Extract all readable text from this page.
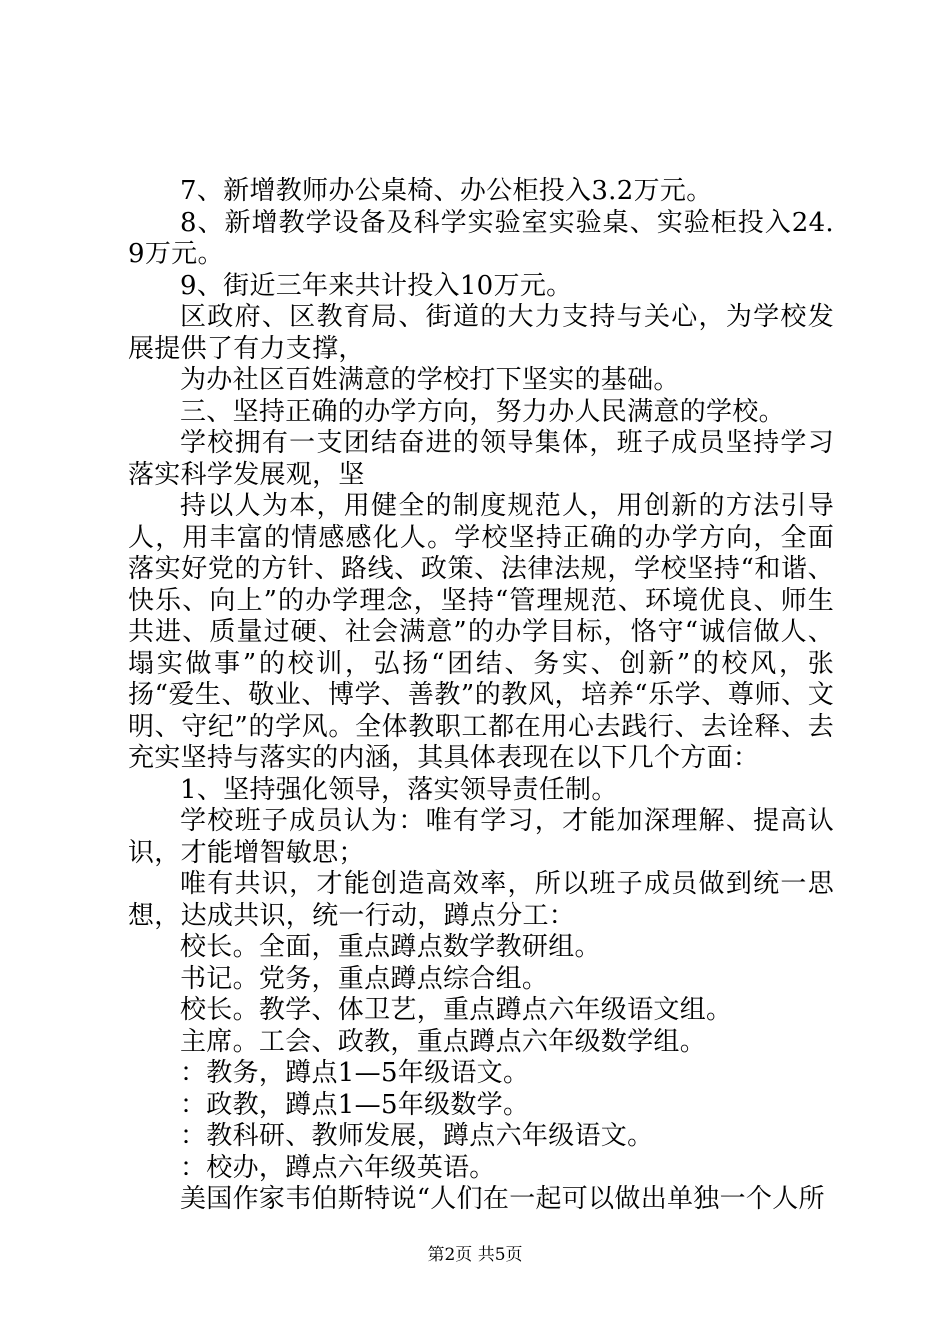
7、新增教师办公桌椅、办公柜投入3.2万元。

8、新增教学设备及科学实验室实验桌、实验柜投入24.9万元。

9、街近三年来共计投入10万元。

区政府、区教育局、街道的大力支持与关心，为学校发展提供了有力支撑，

为办社区百姓满意的学校打下坚实的基础。

三、坚持正确的办学方向，努力办人民满意的学校。

学校拥有一支团结奋进的领导集体，班子成员坚持学习落实科学发展观，坚

持以人为本，用健全的制度规范人，用创新的方法引导人，用丰富的情感感化人。学校坚持正确的办学方向，全面落实好党的方针、路线、政策、法律法规，学校坚持“和谐、快乐、向上”的办学理念，坚持“管理规范、环境优良、师生共进、质量过硬、社会满意”的办学目标，恪守“诚信做人、塌实做事”的校训，弘扬“团结、务实、创新”的校风，张扬“爱生、敬业、博学、善教”的教风，培养“乐学、尊师、文明、守纪”的学风。全体教职工都在用心去践行、去诠释、去充实坚持与落实的内涵，其具体表现在以下几个方面：

1、坚持强化领导，落实领导责任制。

学校班子成员认为：唯有学习，才能加深理解、提高认识，才能增智敏思；

唯有共识，才能创造高效率，所以班子成员做到统一思想，达成共识，统一行动，蹲点分工：

校长。全面，重点蹲点数学教研组。

书记。党务，重点蹲点综合组。

校长。教学、体卫艺，重点蹲点六年级语文组。

主席。工会、政教，重点蹲点六年级数学组。

：教务，蹲点1—5年级语文。

：政教，蹲点1—5年级数学。

：教科研、教师发展，蹲点六年级语文。

：校办，蹲点六年级英语。

美国作家韦伯斯特说“人们在一起可以做出单独一个人所

第2页 共5页
